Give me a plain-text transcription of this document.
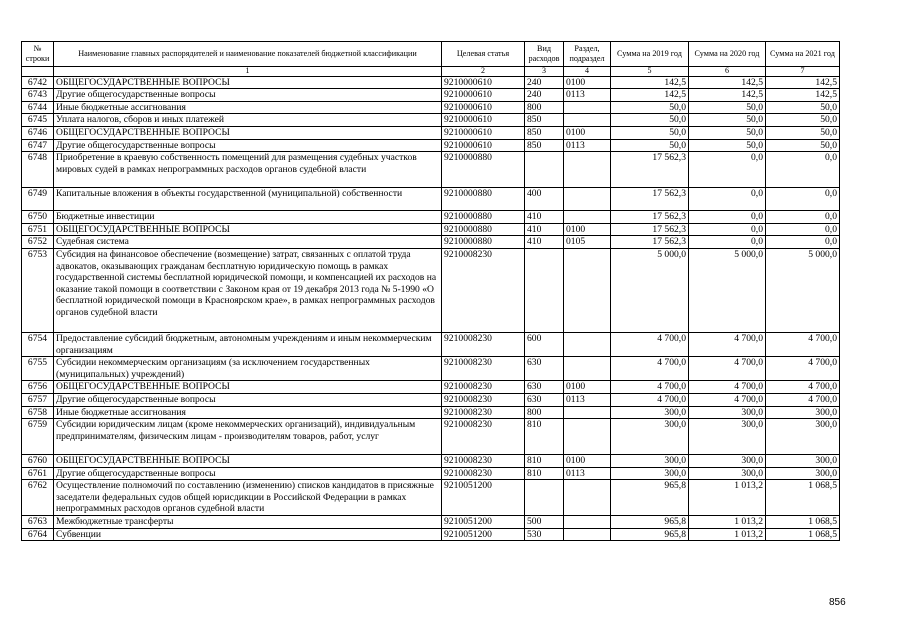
№ строки	Наименование главных распорядителей и наименование показателей бюджетной классификации	Целевая статья	Вид расходов	Раздел, подраздел	Сумма на 2019 год	Сумма на 2020 год	Сумма на 2021 год
	1	2	3	4	5	6	7
6742	ОБЩЕГОСУДАРСТВЕННЫЕ ВОПРОСЫ	9210000610	240	0100	142,5	142,5	142,5
6743	Другие общегосударственные вопросы	9210000610	240	0113	142,5	142,5	142,5
6744	Иные бюджетные ассигнования	9210000610	800		50,0	50,0	50,0
6745	Уплата налогов, сборов и иных платежей	9210000610	850		50,0	50,0	50,0
6746	ОБЩЕГОСУДАРСТВЕННЫЕ ВОПРОСЫ	9210000610	850	0100	50,0	50,0	50,0
6747	Другие общегосударственные вопросы	9210000610	850	0113	50,0	50,0	50,0
6748	Приобретение в краевую собственность помещений для размещения судебных участков мировых судей в рамках непрограммных расходов органов судебной власти	9210000880			17 562,3	0,0	0,0
6749	Капитальные вложения в объекты государственной (муниципальной) собственности	9210000880	400		17 562,3	0,0	0,0
6750	Бюджетные инвестиции	9210000880	410		17 562,3	0,0	0,0
6751	ОБЩЕГОСУДАРСТВЕННЫЕ ВОПРОСЫ	9210000880	410	0100	17 562,3	0,0	0,0
6752	Судебная система	9210000880	410	0105	17 562,3	0,0	0,0
6753	Субсидия на финансовое обеспечение (возмещение) затрат, связанных с оплатой труда адвокатов, оказывающих гражданам бесплатную юридическую помощь в рамках государственной системы бесплатной юридической помощи, и компенсацией их расходов на оказание такой помощи в соответствии с Законом края от 19 декабря 2013 года № 5-1990 «О бесплатной юридической помощи в Красноярском крае», в рамках непрограммных расходов органов судебной власти	9210008230			5 000,0	5 000,0	5 000,0
6754	Предоставление субсидий бюджетным, автономным учреждениям и иным некоммерческим организациям	9210008230	600		4 700,0	4 700,0	4 700,0
6755	Субсидии некоммерческим организациям (за исключением государственных (муниципальных) учреждений)	9210008230	630		4 700,0	4 700,0	4 700,0
6756	ОБЩЕГОСУДАРСТВЕННЫЕ ВОПРОСЫ	9210008230	630	0100	4 700,0	4 700,0	4 700,0
6757	Другие общегосударственные вопросы	9210008230	630	0113	4 700,0	4 700,0	4 700,0
6758	Иные бюджетные ассигнования	9210008230	800		300,0	300,0	300,0
6759	Субсидии юридическим лицам (кроме некоммерческих организаций), индивидуальным предпринимателям, физическим лицам - производителям товаров, работ, услуг	9210008230	810		300,0	300,0	300,0
6760	ОБЩЕГОСУДАРСТВЕННЫЕ ВОПРОСЫ	9210008230	810	0100	300,0	300,0	300,0
6761	Другие общегосударственные вопросы	9210008230	810	0113	300,0	300,0	300,0
6762	Осуществление полномочий по составлению (изменению) списков кандидатов в присяжные заседатели федеральных судов общей юрисдикции в Российской Федерации в рамках непрограммных расходов органов судебной власти	9210051200			965,8	1 013,2	1 068,5
6763	Межбюджетные трансферты	9210051200	500		965,8	1 013,2	1 068,5
6764	Субвенции	9210051200	530		965,8	1 013,2	1 068,5
856
